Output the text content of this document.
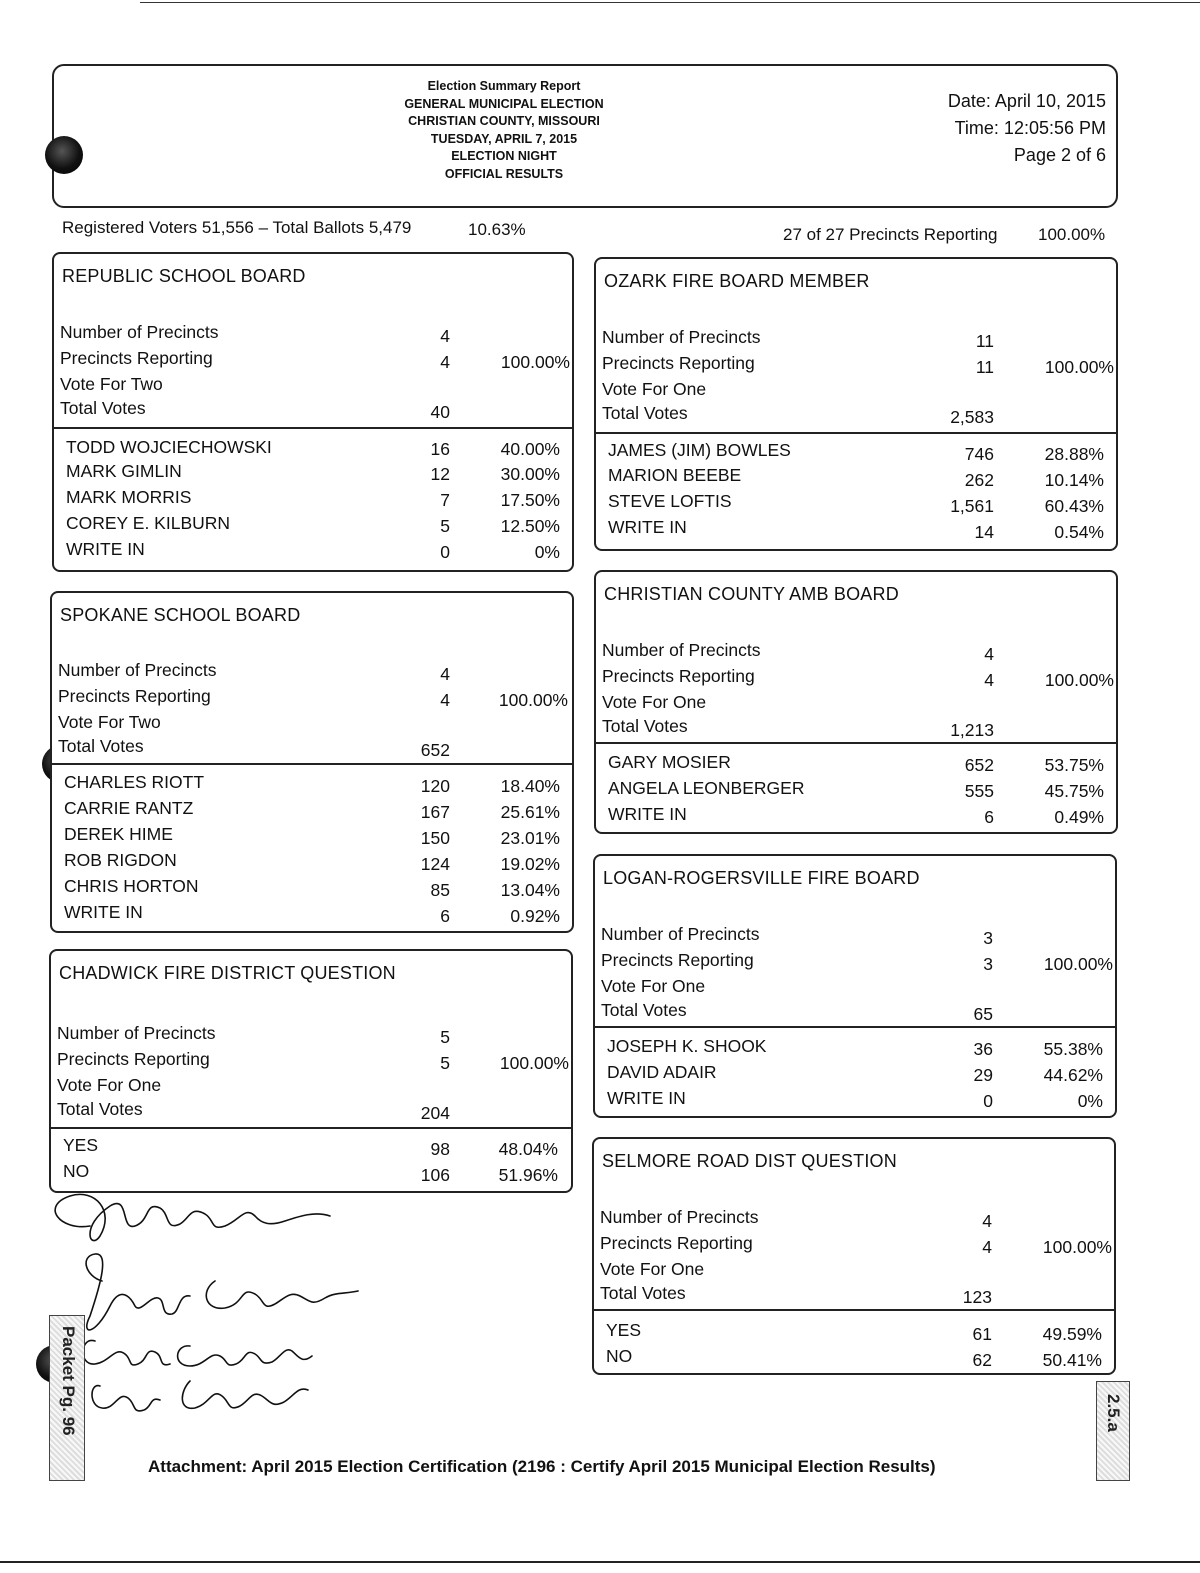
Election Summary Report
GENERAL MUNICIPAL ELECTION
CHRISTIAN COUNTY, MISSOURI
TUESDAY, APRIL 7, 2015
ELECTION NIGHT
OFFICIAL RESULTS
Date: April 10, 2015
Time: 12:05:56 PM
Page 2 of 6
Registered Voters 51,556 – Total Ballots 5,479	10.63%	27 of 27 Precincts Reporting 100.00%
REPUBLIC SCHOOL BOARD
Number of Precincts	4
Precincts Reporting	4	100.00%
Vote For Two
Total Votes	40
TODD WOJCIECHOWSKI	16	40.00%
MARK GIMLIN	12	30.00%
MARK MORRIS	7	17.50%
COREY E. KILBURN	5	12.50%
WRITE IN	0	0%
SPOKANE SCHOOL BOARD
Number of Precincts	4
Precincts Reporting	4	100.00%
Vote For Two
Total Votes	652
CHARLES RIOTT	120	18.40%
CARRIE RANTZ	167	25.61%
DEREK HIME	150	23.01%
ROB RIGDON	124	19.02%
CHRIS HORTON	85	13.04%
WRITE IN	6	0.92%
CHADWICK FIRE DISTRICT QUESTION
Number of Precincts	5
Precincts Reporting	5	100.00%
Vote For One
Total Votes	204
YES	98	48.04%
NO	106	51.96%
OZARK FIRE BOARD MEMBER
Number of Precincts	11
Precincts Reporting	11	100.00%
Vote For One
Total Votes	2,583
JAMES (JIM) BOWLES	746	28.88%
MARION BEEBE	262	10.14%
STEVE LOFTIS	1,561	60.43%
WRITE IN	14	0.54%
CHRISTIAN COUNTY AMB BOARD
Number of Precincts	4
Precincts Reporting	4	100.00%
Vote For One
Total Votes	1,213
GARY MOSIER	652	53.75%
ANGELA LEONBERGER	555	45.75%
WRITE IN	6	0.49%
LOGAN-ROGERSVILLE FIRE BOARD
Number of Precincts	3
Precincts Reporting	3	100.00%
Vote For One
Total Votes	65
JOSEPH K. SHOOK	36	55.38%
DAVID ADAIR	29	44.62%
WRITE IN	0	0%
SELMORE ROAD DIST QUESTION
Number of Precincts	4
Precincts Reporting	4	100.00%
Vote For One
Total Votes	123
YES	61	49.59%
NO	62	50.41%
Packet Pg. 96	2.5.a
Attachment: April 2015 Election Certification (2196 : Certify April 2015 Municipal Election Results)
